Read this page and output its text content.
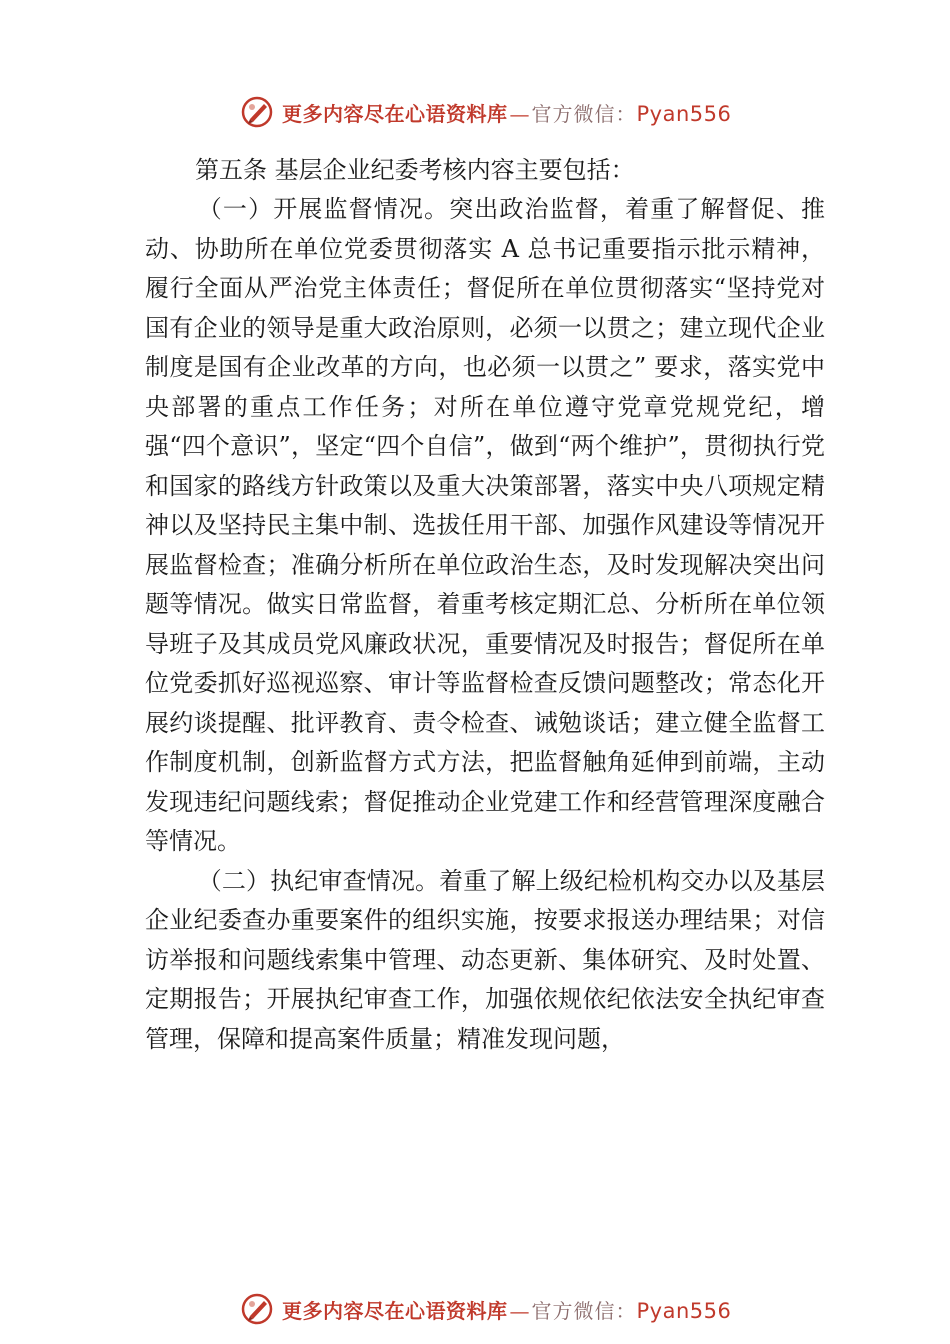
更多内容尽在心语资料库 — 官方微信： Pyan556

第五条 基层企业纪委考核内容主要包括：

（一）开展监督情况。突出政治监督，着重了解督促、推动、协助所在单位党委贯彻落实 A 总书记重要指示批示精神，履行全面从严治党主体责任；督促所在单位贯彻落实“坚持党对国有企业的领导是重大政治原则，必须一以贯之；建立现代企业制度是国有企业改革的方向，也必须一以贯之” 要求，落实党中央部署的重点工作任务；对所在单位遵守党章党规党纪，增强“四个意识”，坚定“四个自信”，做到“两个维护”，贯彻执行党和国家的路线方针政策以及重大决策部署，落实中央八项规定精神以及坚持民主集中制、选拔任用干部、加强作风建设等情况开展监督检查；准确分析所在单位政治生态，及时发现解决突出问题等情况。做实日常监督，着重考核定期汇总、分析所在单位领导班子及其成员党风廉政状况，重要情况及时报告；督促所在单位党委抓好巡视巡察、审计等监督检查反馈问题整改；常态化开展约谈提醒、批评教育、责令检查、诫勉谈话；建立健全监督工作制度机制，创新监督方式方法，把监督触角延伸到前端，主动发现违纪问题线索；督促推动企业党建工作和经营管理深度融合等情况。

（二）执纪审查情况。着重了解上级纪检机构交办以及基层企业纪委查办重要案件的组织实施，按要求报送办理结果；对信访举报和问题线索集中管理、动态更新、集体研究、及时处置、定期报告；开展执纪审查工作，加强依规依纪依法安全执纪审查管理，保障和提高案件质量；精准发现问题，

更多内容尽在心语资料库 — 官方微信： Pyan556
